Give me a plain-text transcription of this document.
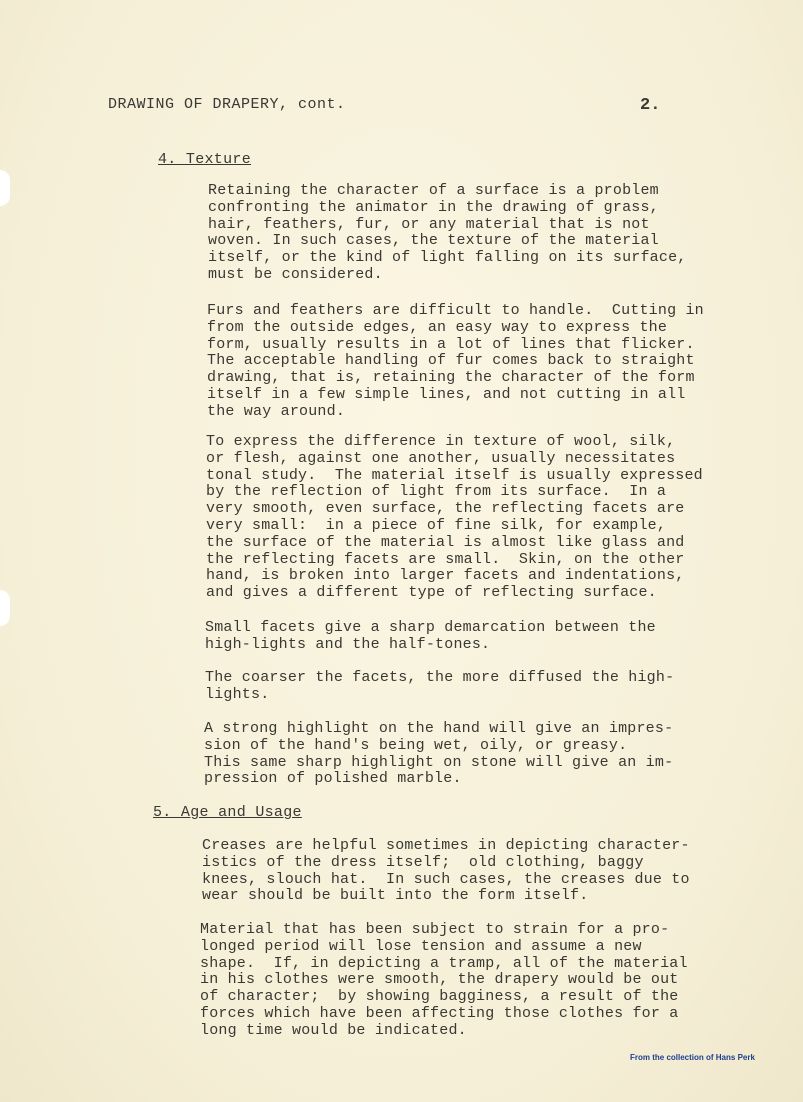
DRAWING OF DRAPERY, cont.	2.
4. Texture
Retaining the character of a surface is a problem
confronting the animator in the drawing of grass,
hair, feathers, fur, or any material that is not
woven. In such cases, the texture of the material
itself, or the kind of light falling on its surface,
must be considered.
Furs and feathers are difficult to handle.  Cutting in
from the outside edges, an easy way to express the
form, usually results in a lot of lines that flicker.
The acceptable handling of fur comes back to straight
drawing, that is, retaining the character of the form
itself in a few simple lines, and not cutting in all
the way around.
To express the difference in texture of wool, silk,
or flesh, against one another, usually necessitates
tonal study.  The material itself is usually expressed
by the reflection of light from its surface.  In a
very smooth, even surface, the reflecting facets are
very small:  in a piece of fine silk, for example,
the surface of the material is almost like glass and
the reflecting facets are small.  Skin, on the other
hand, is broken into larger facets and indentations,
and gives a different type of reflecting surface.
Small facets give a sharp demarcation between the
high-lights and the half-tones.
The coarser the facets, the more diffused the high-
lights.
A strong highlight on the hand will give an impres-
sion of the hand's being wet, oily, or greasy.
This same sharp highlight on stone will give an im-
pression of polished marble.
5. Age and Usage
Creases are helpful sometimes in depicting character-
istics of the dress itself;  old clothing, baggy
knees, slouch hat.  In such cases, the creases due to
wear should be built into the form itself.
Material that has been subject to strain for a pro-
longed period will lose tension and assume a new
shape.  If, in depicting a tramp, all of the material
in his clothes were smooth, the drapery would be out
of character;  by showing bagginess, a result of the
forces which have been affecting those clothes for a
long time would be indicated.
From the collection of Hans Perk
